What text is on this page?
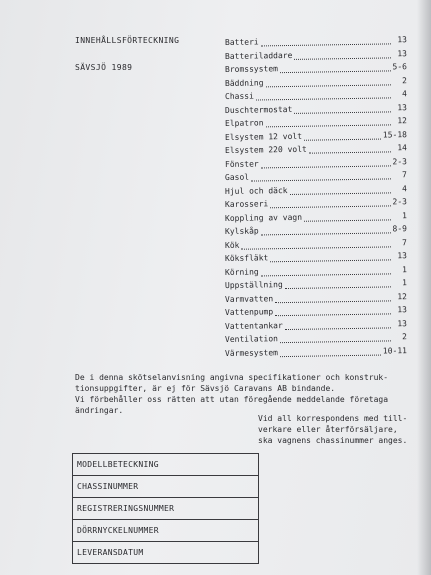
INNEHÅLLSFÖRTECKNING
SÄVSJÖ 1989
Batteri	13
Batteriladdare	13
Bromssystem	5-6
Bäddning	2
Chassi	4
Duschtermostat	13
Elpatron	12
Elsystem 12 volt	15-18
Elsystem 220 volt	14
Fönster	2-3
Gasol	7
Hjul och däck	4
Karosseri	2-3
Koppling av vagn	1
Kylskåp	8-9
Kök	7
Köksfläkt	13
Körning	1
Uppställning	1
Varmvatten	12
Vattenpump	13
Vattentankar	13
Ventilation	2
Värmesystem	10-11
De i denna skötselanvisning angivna specifikationer och konstruk-
tionsuppgifter, är ej för Sävsjö Caravans AB bindande.
Vi förbehåller oss rätten att utan föregående meddelande företaga
ändringar.
Vid all korrespondens med till-
verkare eller återförsäljare,
ska vagnens chassinummer anges.
MODELLBETECKNING
CHASSINUMMER
REGISTRERINGSNUMMER
DÖRRNYCKELNUMMER
LEVERANSDATUM
